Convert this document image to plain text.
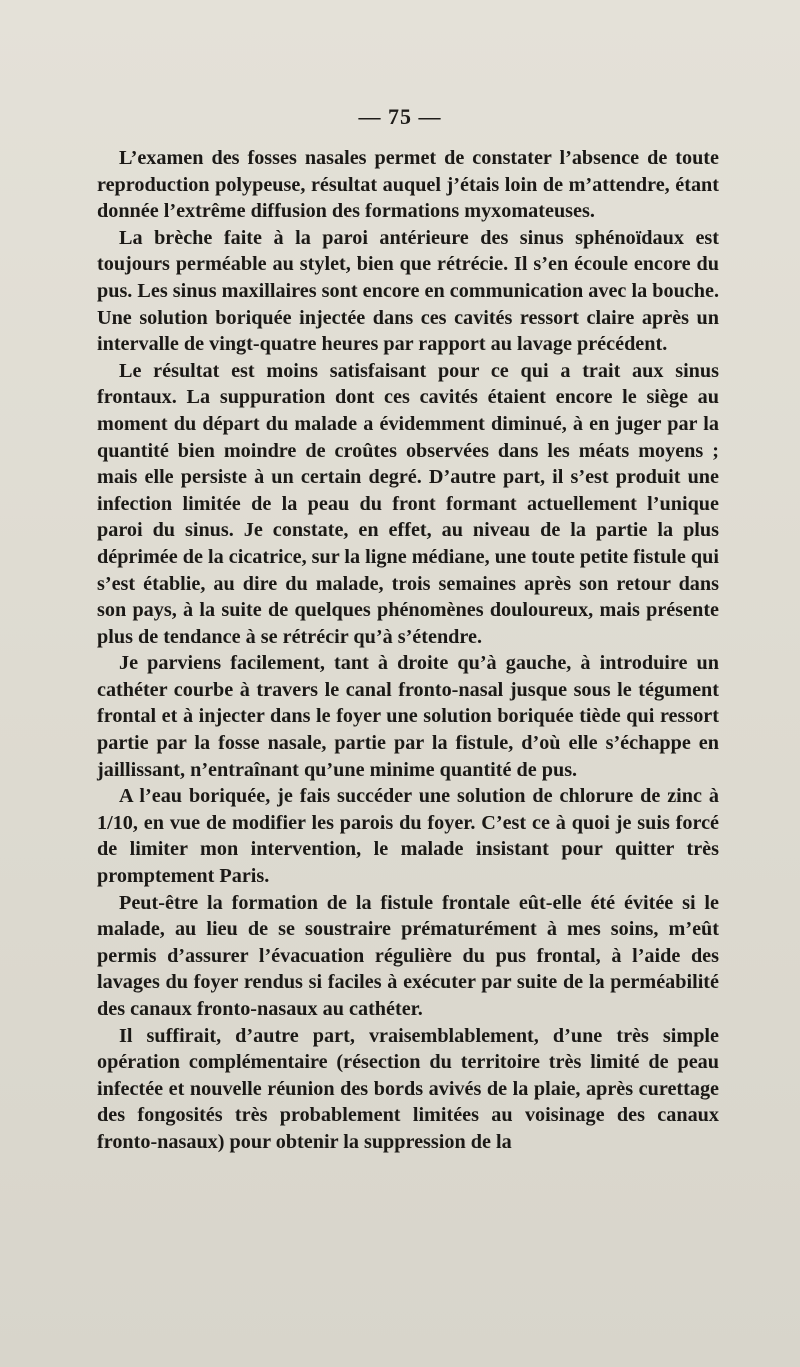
— 75 —

L’examen des fosses nasales permet de constater l’absence de toute reproduction polypeuse, résultat auquel j’étais loin de m’attendre, étant donnée l’extrême diffusion des formations myxomateuses.

La brèche faite à la paroi antérieure des sinus sphénoïdaux est toujours perméable au stylet, bien que rétrécie. Il s’en écoule encore du pus. Les sinus maxillaires sont encore en communication avec la bouche. Une solution boriquée injectée dans ces cavités ressort claire après un intervalle de vingt-quatre heures par rapport au lavage précédent.

Le résultat est moins satisfaisant pour ce qui a trait aux sinus frontaux. La suppuration dont ces cavités étaient encore le siège au moment du départ du malade a évidemment diminué, à en juger par la quantité bien moindre de croûtes observées dans les méats moyens ; mais elle persiste à un certain degré. D’autre part, il s’est produit une infection limitée de la peau du front formant actuellement l’unique paroi du sinus. Je constate, en effet, au niveau de la partie la plus déprimée de la cicatrice, sur la ligne médiane, une toute petite fistule qui s’est établie, au dire du malade, trois semaines après son retour dans son pays, à la suite de quelques phénomènes douloureux, mais présente plus de tendance à se rétrécir qu’à s’étendre.

Je parviens facilement, tant à droite qu’à gauche, à introduire un cathéter courbe à travers le canal fronto-nasal jusque sous le tégument frontal et à injecter dans le foyer une solution boriquée tiède qui ressort partie par la fosse nasale, partie par la fistule, d’où elle s’échappe en jaillissant, n’entraînant qu’une minime quantité de pus.

A l’eau boriquée, je fais succéder une solution de chlorure de zinc à 1/10, en vue de modifier les parois du foyer. C’est ce à quoi je suis forcé de limiter mon intervention, le malade insistant pour quitter très promptement Paris.

Peut-être la formation de la fistule frontale eût-elle été évitée si le malade, au lieu de se soustraire prématurément à mes soins, m’eût permis d’assurer l’évacuation régulière du pus frontal, à l’aide des lavages du foyer rendus si faciles à exécuter par suite de la perméabilité des canaux fronto-nasaux au cathéter.

Il suffirait, d’autre part, vraisemblablement, d’une très simple opération complémentaire (résection du territoire très limité de peau infectée et nouvelle réunion des bords avivés de la plaie, après curettage des fongosités très probablement limitées au voisinage des canaux fronto-nasaux) pour obtenir la suppression de la
